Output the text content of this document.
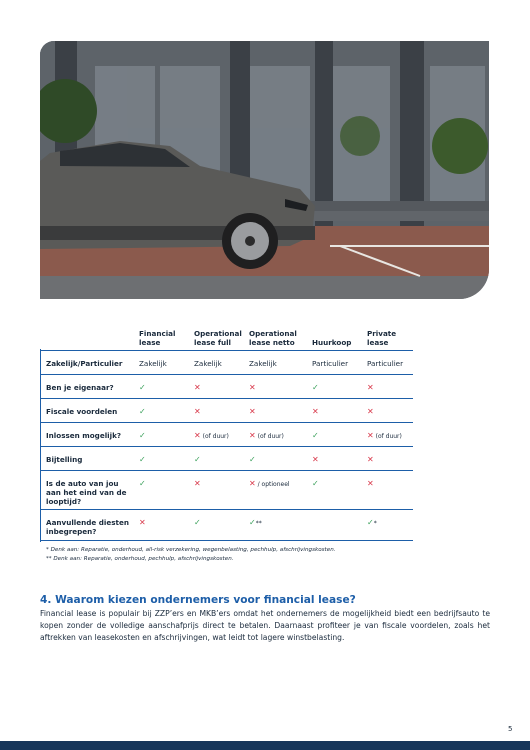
	Financial lease	Operational lease full	Operational lease netto	Huurkoop	Private lease
Zakelijk/Particulier	Zakelijk	Zakelijk	Zakelijk	Particulier	Particulier
Ben je eigenaar?	✓	✕	✕	✓	✕
Fiscale voordelen	✓	✕	✕	✕	✕
Inlossen mogelijk?	✓	✕ (of duur)	✕ (of duur)	✓	✕ (of duur)
Bijtelling	✓	✓	✓	✕	✕
Is de auto van jou aan het eind van de looptijd?	✓	✕	✕ / optioneel	✓	✕
Aanvullende diesten inbegrepen?	✕	✓	✓**		✓*
* Denk aan: Reparatie, onderhoud, all-risk verzekering, wegenbelasting, pechhulp, afschrijvingskosten.
** Denk aan: Reparatie, onderhoud, pechhulp, afschrijvingskosten.
4. Waarom kiezen ondernemers voor financial lease?

Financial lease is populair bij ZZP’ers en MKB’ers omdat het ondernemers de mogelijkheid biedt een bedrijfsauto te kopen zonder de volledige aanschafprijs direct te betalen. Daarnaast profiteer je van fiscale voordelen, zoals het aftrekken van leasekosten en afschrijvingen, wat leidt tot lagere winstbelasting.

5
